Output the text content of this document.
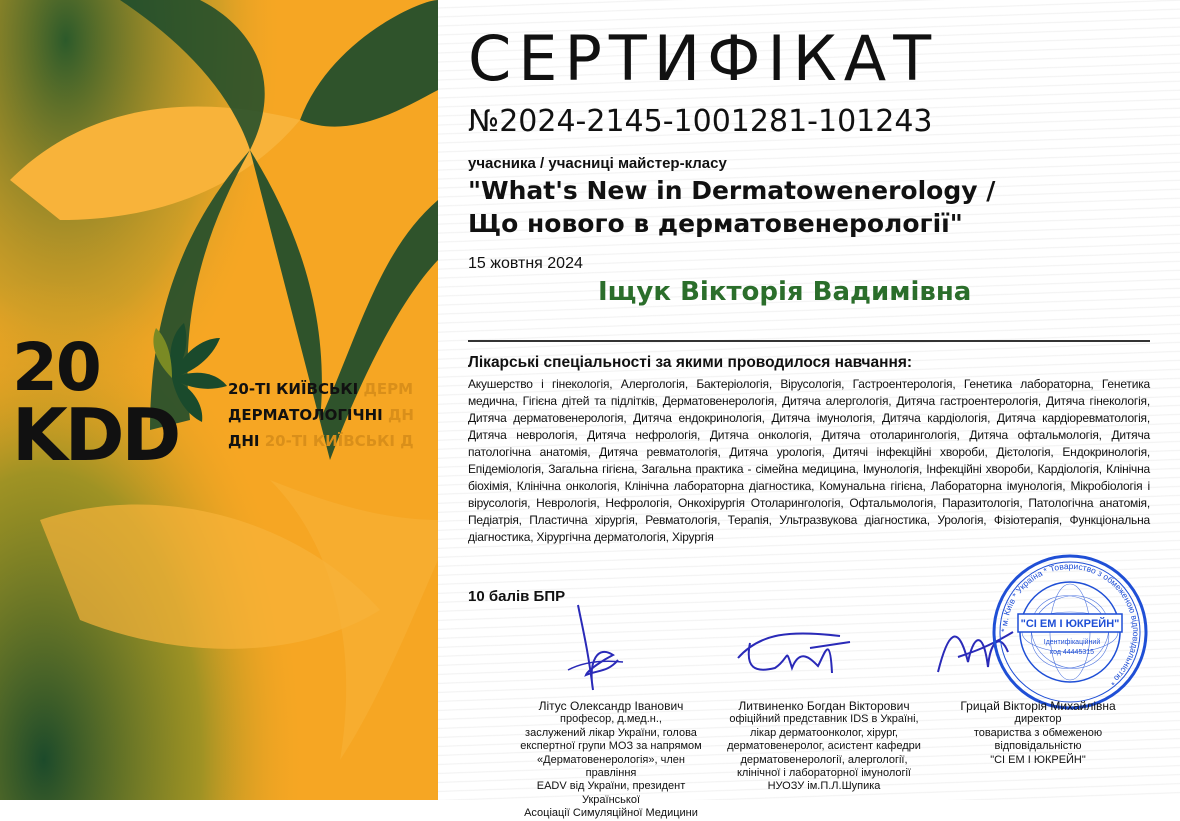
20
KDD
20-ТІ КИЇВСЬКІ ДЕРМ
ДЕРМАТОЛОГІЧНІ ДН
ДНІ 20-ТІ КИЇВСЬКІ Д
СЕРТИФІКАТ
№2024-2145-1001281-101243
учасника / учасниці майстер-класу
"What's New in Dermatowenerology /
Що нового в дерматовенерології"
15 жовтня 2024
Іщук Вікторія Вадимівна
Лікарські спеціальності за якими проводилося навчання:
Акушерство і гінекологія, Алергологія, Бактеріологія, Вірусологія, Гастроентерологія, Генетика лабораторна, Генетика медична, Гігієна дітей та підлітків, Дерматовенерологія, Дитяча алергологія, Дитяча гастроентерологія, Дитяча гінекологія, Дитяча дерматовенерологія, Дитяча ендокринологія, Дитяча імунологія, Дитяча кардіологія, Дитяча кардіоревматологія, Дитяча неврологія, Дитяча нефрологія, Дитяча онкологія, Дитяча отоларингологія, Дитяча офтальмологія, Дитяча патологічна анатомія, Дитяча ревматологія, Дитяча урологія, Дитячі інфекційні хвороби, Дієтологія, Ендокринологія, Епідеміологія, Загальна гігієна, Загальна практика - сімейна медицина, Імунологія, Інфекційні хвороби, Кардіологія, Клінічна біохімія, Клінічна онкологія, Клінічна лабораторна діагностика, Комунальна гігієна, Лабораторна імунологія, Мікробіологія і вірусологія, Неврологія, Нефрологія, Онкохірургія Отоларингологія, Офтальмологія, Паразитологія, Патологічна анатомія, Педіатрія, Пластична хірургія, Ревматологія, Терапія, Ультразвукова діагностика, Урологія, Фізіотерапія, Функціональна діагностика, Хірургічна дерматологія, Хірургія
10 балів БПР
"СІ ЕМ І ЮКРЕЙН"
Ідентифікаційний
код 44445315
* м. Київ * Україна * Товариство з обмеженою відповідальністю *
Літус Олександр Іванович
професор, д.мед.н.,
заслужений лікар України, голова
експертної групи МОЗ за напрямом
«Дерматовенерологія», член правління
EADV від України, президент Української
Асоціації Симуляційної Медицини
Литвиненко Богдан Вікторович
офіційний представник IDS в Україні,
лікар дерматоонколог, хірург,
дерматовенеролог, асистент кафедри
дерматовенерології, алергології,
клінічної і лабораторної імунології
НУОЗУ ім.П.Л.Шупика
Грицай Вікторія Михайлівна
директор
товариства з обмеженою
відповідальністю
"СІ ЕМ І ЮКРЕЙН"
